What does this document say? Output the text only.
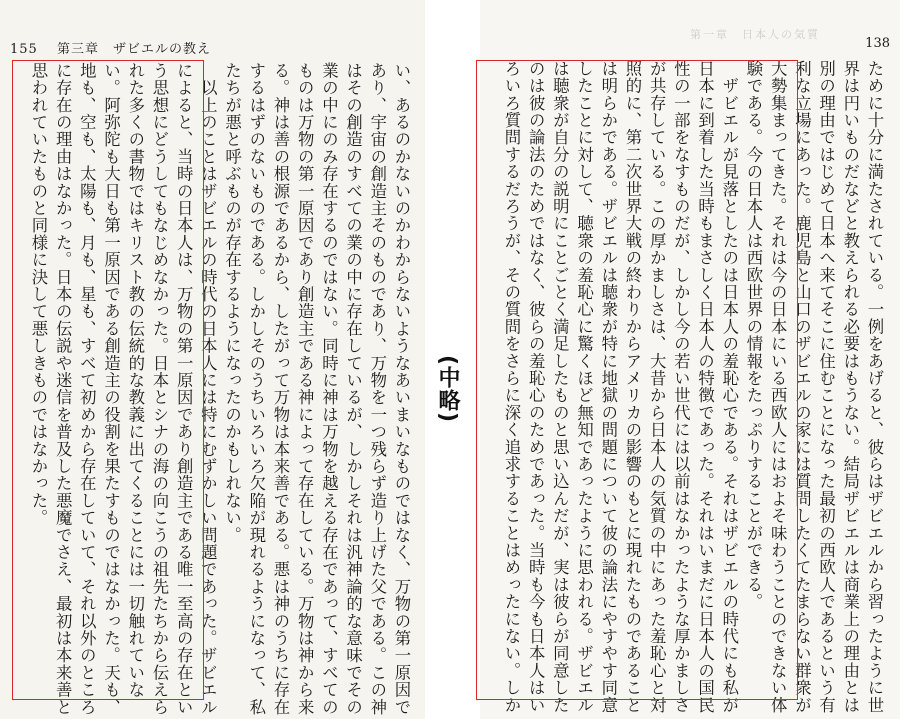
155 第三章　ザビエルの教え
い、あるのかないのかわからないようなあいまいなものではなく、万物の第一原因で
あり、宇宙の創造主そのものであり、万物を一つ残らず造り上げた父である。この神
はその創造のすべての業の中に存在しているが、しかしそれは汎神論的な意味でその
業の中にのみ存在するのではない。同時に神は万物を越える存在であって、すべての
ものは万物の第一原因であり創造主である神によって存在している。万物は神から来
る。神は善の根源であるから、したがって万物は本来善である。悪は神のうちに存在
するはずのないものである。しかしそのうちいろいろ欠陥が現れるようになって、私
たちが悪と呼ぶものが存在するようになったのかもしれない。
　以上のことはザビエルの時代の日本人には特にむずかしい問題であった。ザビエル
によると、当時の日本人は、万物の第一原因であり創造主である唯一至高の存在とい
う思想にどうしてもなじめなかった。日本とシナの海の向こうの祖先たちから伝えら
れた多くの書物ではキリスト教の伝統的な教義に出てくることには一切触れていな
い。阿弥陀も大日も第一原因である創造主の役割を果たすものではなかった。天も、
地も、空も、太陽も、月も、星も、すべて初めから存在していて、それ以外のところ
に存在の理由はなかった。日本の伝説や迷信を普及した悪魔でさえ、最初は本来善と
思われていたものと同様に決して悪しきものではなかった。	(中略)
第一章　日本人の気質
138
ために十分に満たされている。一例をあげると、彼らはザビエルから習ったように世
界は円いものだなどと教えられる必要はもうない。結局ザビエルは商業上の理由とは
別の理由ではじめて日本へ来てそこに住むことになった最初の西欧人であるという有
利な立場にあった。鹿児島と山口のザビエルの家には質問したくてたまらない群衆が
大勢集まってきた。それは今の日本にいる西欧人にはおよそ味わうことのできない体
験である。今の日本人は西欧世界の情報をたっぷりすることができる。
　ザビエルが見落としたのは日本人の羞恥心である。それはザビエルの時代にも私が
日本に到着した当時もまさしく日本人の特徴であった。それはいまだに日本人の国民
性の一部をなすものだが、しかし今の若い世代には以前はなかったような厚かましさ
が共存している。この厚かましさは、大昔から日本人の気質の中にあった羞恥心と対
照的に、第二次世界大戦の終わりからアメリカの影響のもとに現れたものであること
は明らかである。ザビエルは聴衆が特に地獄の問題について彼の論法にやすやす同意
したことに対して、聴衆の羞恥心に驚くほど無知であったように思われる。ザビエル
は聴衆が自分の説明にことごとく満足したものと思い込んだが、実は彼らが同意した
のは彼の論法のためではなく、彼らの羞恥心のためであった。当時も今も日本人はい
ろいろ質問するだろうが、その質問をさらに深く追求することはめったにない。しか
